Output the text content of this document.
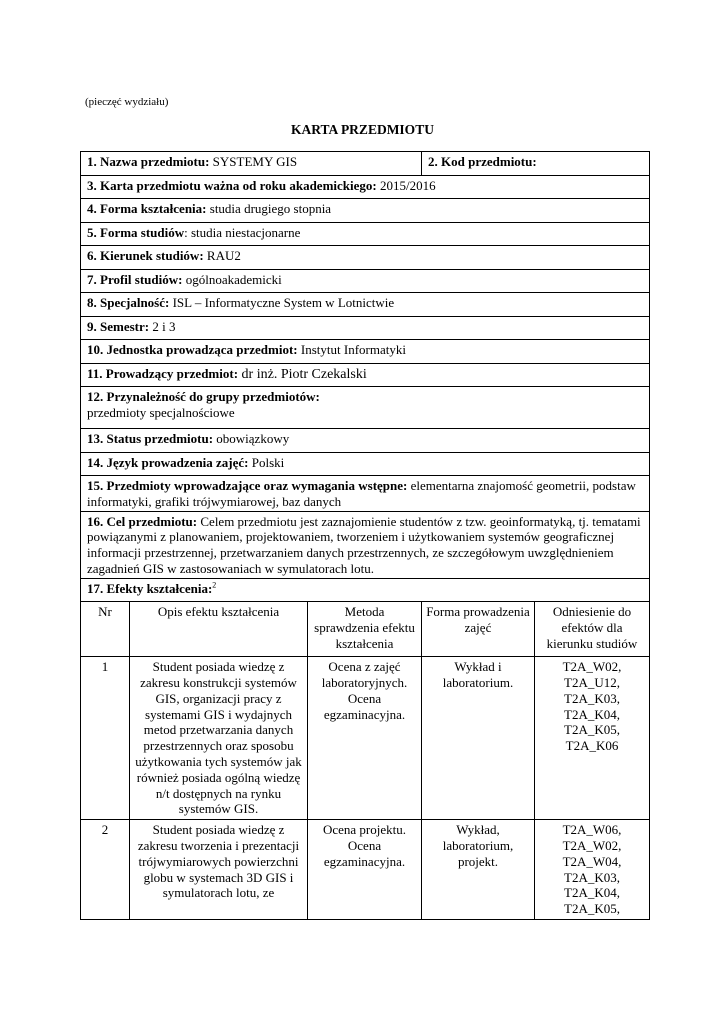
(pieczęć wydziału)
KARTA PRZEDMIOTU
1. Nazwa przedmiotu: SYSTEMY GIS			2. Kod przedmiotu:	
3. Karta przedmiotu ważna od roku akademickiego: 2015/2016				
4. Forma kształcenia: studia drugiego stopnia				
5. Forma studiów: studia niestacjonarne				
6. Kierunek studiów: RAU2				
7. Profil studiów: ogólnoakademicki				
8. Specjalność: ISL – Informatyczne System w Lotnictwie				
9. Semestr: 2 i 3				
10. Jednostka prowadząca przedmiot: Instytut Informatyki				
11. Prowadzący przedmiot: dr inż. Piotr Czekalski				
12. Przynależność do grupy przedmiotów:
przedmioty specjalnościowe				
13. Status przedmiotu: obowiązkowy				
14. Język prowadzenia zajęć: Polski				
15. Przedmioty wprowadzające oraz wymagania wstępne: elementarna znajomość geometrii, podstaw informatyki, grafiki trójwymiarowej, baz danych				
16. Cel przedmiotu: Celem przedmiotu jest zaznajomienie studentów z tzw. geoinformatyką, tj. tematami powiązanymi z planowaniem, projektowaniem, tworzeniem i użytkowaniem systemów geograficznej informacji przestrzennej, przetwarzaniem danych przestrzennych, ze szczegółowym uwzględnieniem zagadnień GIS w zastosowaniach w symulatorach lotu.				
17. Efekty kształcenia:$^2$
Nr	Opis efektu kształcenia	Metoda sprawdzenia efektu kształcenia	Forma prowadzenia zajęć	Odniesienie do efektów dla kierunku studiów
1	Student posiada wiedzę z zakresu konstrukcji systemów GIS, organizacji pracy z systemami GIS i wydajnych metod przetwarzania danych przestrzennych oraz sposobu użytkowania tych systemów jak również posiada ogólną wiedzę n/t dostępnych na rynku systemów GIS.	Ocena z zajęć laboratoryjnych. Ocena egzaminacyjna.	Wykład i laboratorium.	T2A_W02, T2A_U12, T2A_K03, T2A_K04, T2A_K05, T2A_K06
2	Student posiada wiedzę z zakresu tworzenia i prezentacji trójwymiarowych powierzchni globu w systemach 3D GIS i symulatorach lotu, ze	Ocena projektu. Ocena egzaminacyjna.	Wykład, laboratorium, projekt.	T2A_W06, T2A_W02, T2A_W04, T2A_K03, T2A_K04, T2A_K05,
